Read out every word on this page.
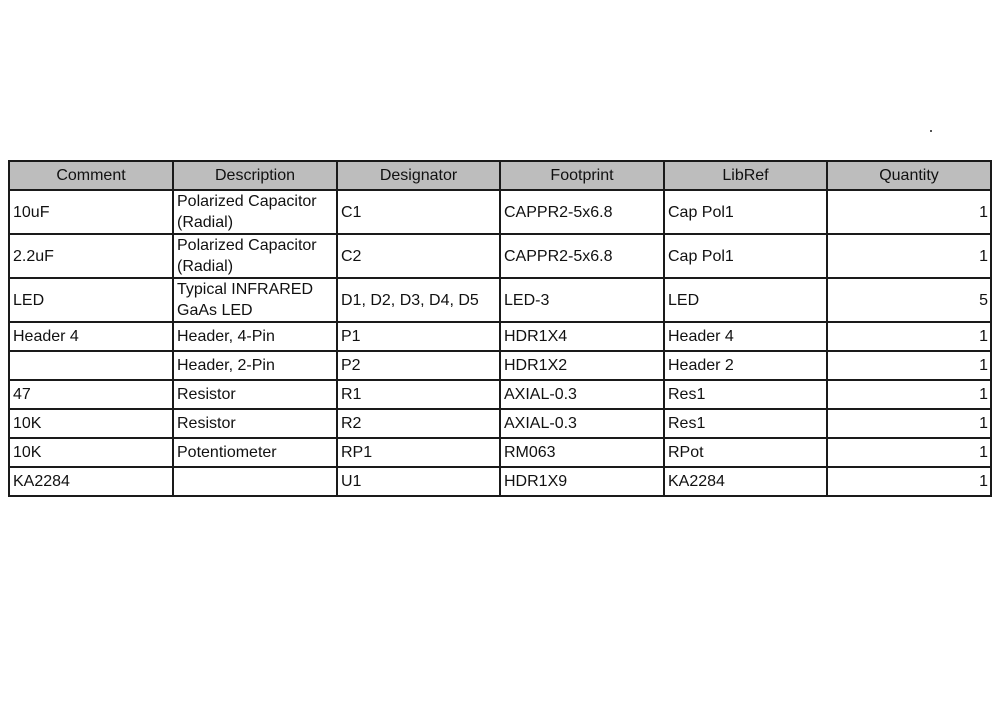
Comment	Description	Designator	Footprint	LibRef	Quantity
10uF	Polarized Capacitor (Radial)	C1	CAPPR2-5x6.8	Cap Pol1	1
2.2uF	Polarized Capacitor (Radial)	C2	CAPPR2-5x6.8	Cap Pol1	1
LED	Typical INFRARED GaAs LED	D1, D2, D3, D4, D5	LED-3	LED	5
Header 4	Header, 4-Pin	P1	HDR1X4	Header 4	1
	Header, 2-Pin	P2	HDR1X2	Header 2	1
47	Resistor	R1	AXIAL-0.3	Res1	1
10K	Resistor	R2	AXIAL-0.3	Res1	1
10K	Potentiometer	RP1	RM063	RPot	1
KA2284		U1	HDR1X9	KA2284	1
